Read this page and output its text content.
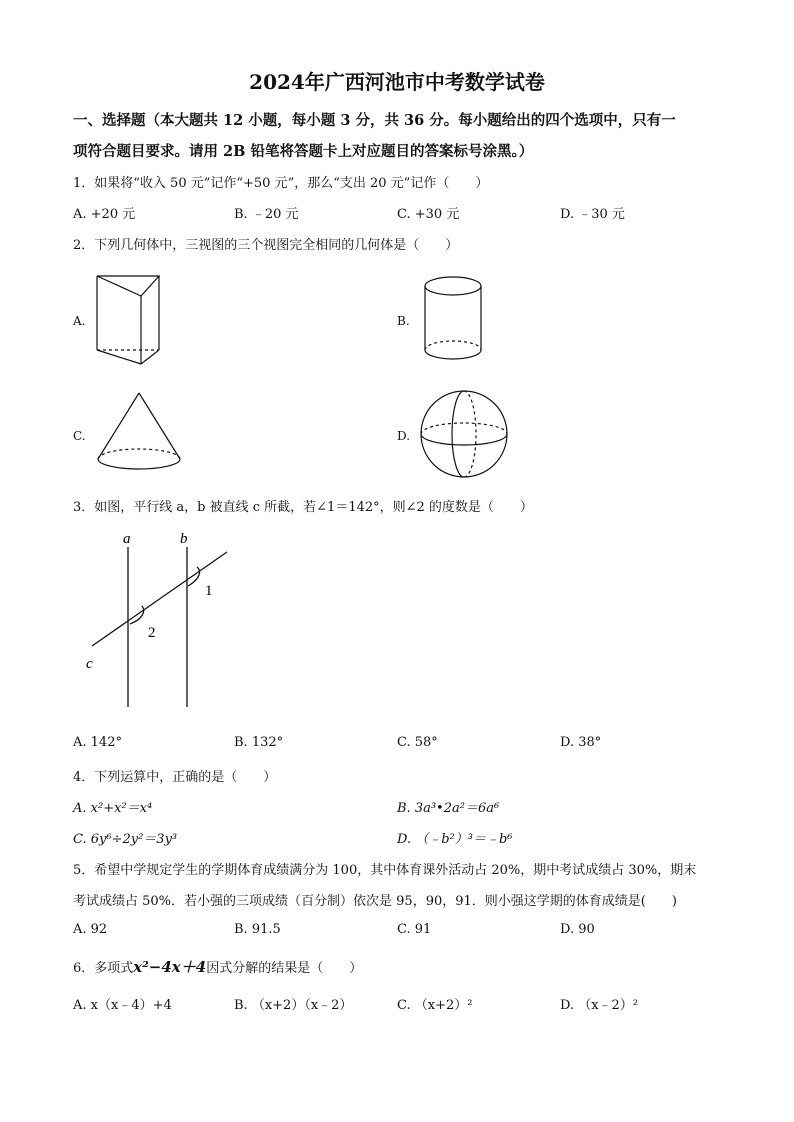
2024年广西河池市中考数学试卷
一、选择题（本大题共 12 小题，每小题 3 分，共 36 分。每小题给出的四个选项中，只有一
项符合题目要求。请用 2B 铅笔将答题卡上对应题目的答案标号涂黑。）
1．如果将“收入 50 元”记作“+50 元”，那么“支出 20 元”记作（　　）
A. +20 元	B. ﹣20 元	C. +30 元	D. ﹣30 元
2．下列几何体中，三视图的三个视图完全相同的几何体是（　　）
A.	B.
C.	D.
3．如图，平行线 a，b 被直线 c 所截，若∠1＝142°，则∠2 的度数是（　　）
a	b
c
1
2
A. 142°	B. 132°	C. 58°	D. 38°
4．下列运算中，正确的是（　　）
A. x²+x²＝x⁴	B. 3a³•2a²＝6a⁶
C. 6y⁶÷2y²＝3y³	D. （﹣b²）³＝﹣b⁶
5．希望中学规定学生的学期体育成绩满分为 100，其中体育课外活动占 20%，期中考试成绩占 30%，期末
考试成绩占 50%．若小强的三项成绩（百分制）依次是 95，90，91．则小强这学期的体育成绩是(　　)
A. 92	B. 91.5	C. 91	D. 90
6．多项式x²−4x＋4因式分解的结果是（　　）
A. x（x﹣4）+4	B. （x+2）（x﹣2）	C. （x+2）²	D. （x﹣2）²
